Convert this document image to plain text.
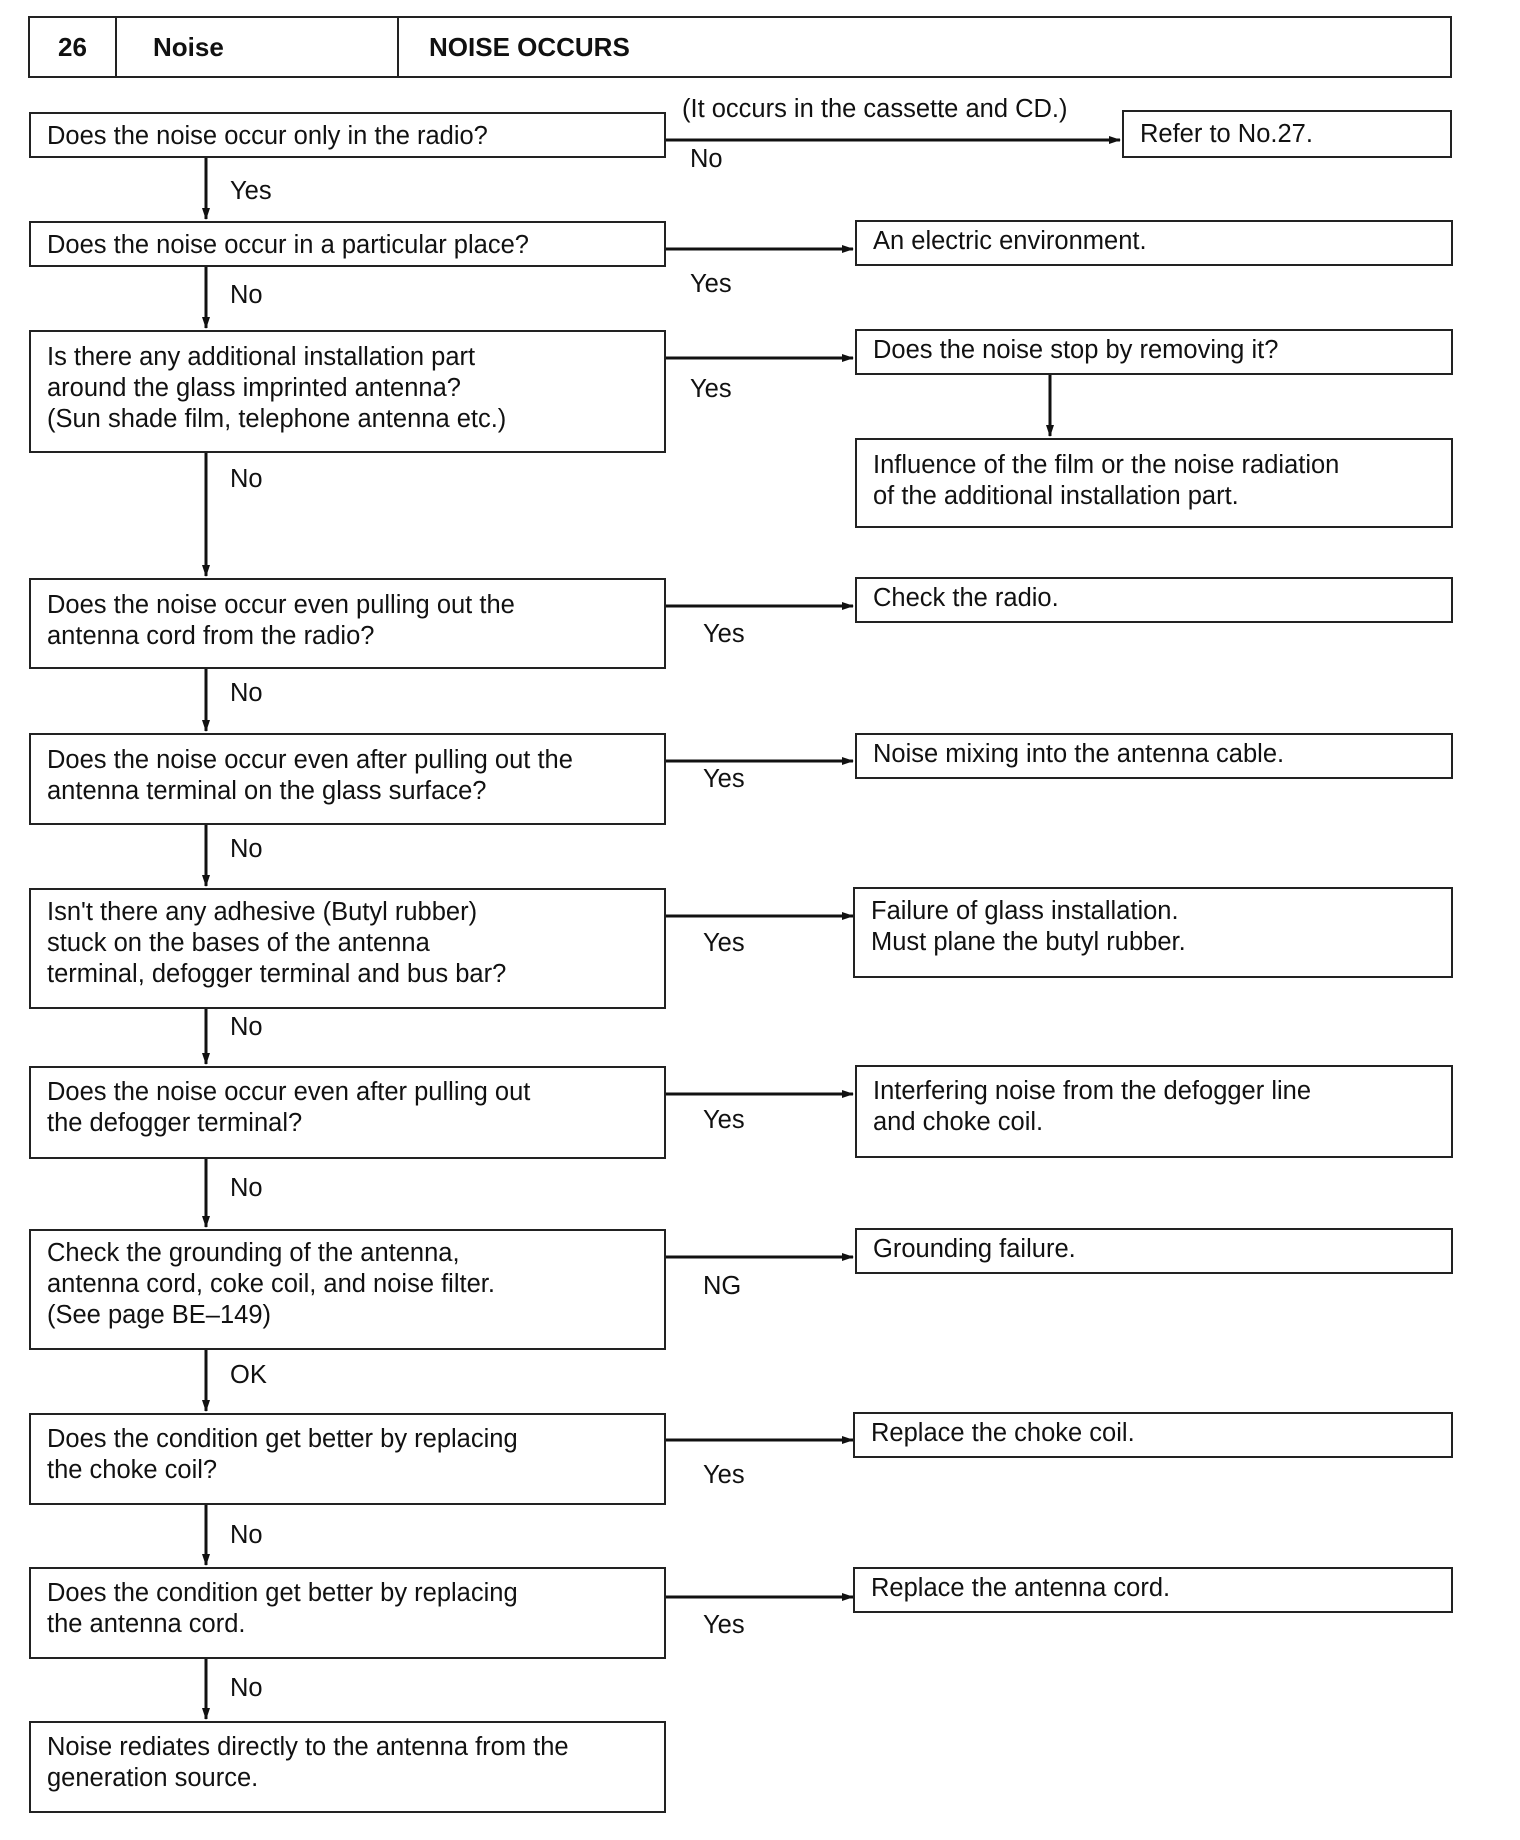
26	Noise	NOISE OCCURS
Does the noise occur only in the radio?
(It occurs in the cassette and CD.)
No
Refer to No.27.
Yes
Does the noise occur in a particular place?
Yes
An electric environment.
No
Is there any additional installation part
around the glass imprinted antenna?
(Sun shade film, telephone antenna etc.)
Yes
Does the noise stop by removing it?
Influence of the film or the noise radiation
of the additional installation part.
No
Does the noise occur even pulling out the
antenna cord from the radio?	Yes
Check the radio.
No
Does the noise occur even after pulling out the
antenna terminal on the glass surface?	Yes
Noise mixing into the antenna cable.
No
Isn't there any adhesive (Butyl rubber)
stuck on the bases of the antenna
terminal, defogger terminal and bus bar?
Yes
Failure of glass installation.
Must plane the butyl rubber.
No
Does the noise occur even after pulling out
the defogger terminal?	Yes
Interfering noise from the defogger line
and choke coil.
No
Check the grounding of the antenna,
antenna cord, coke coil, and noise filter.
(See page BE–149)
NG
Grounding failure.
OK
Does the condition get better by replacing
the choke coil?	Yes
Replace the choke coil.
No
Does the condition get better by replacing
the antenna cord.	Yes
Replace the antenna cord.
No
Noise rediates directly to the antenna from the
generation source.
